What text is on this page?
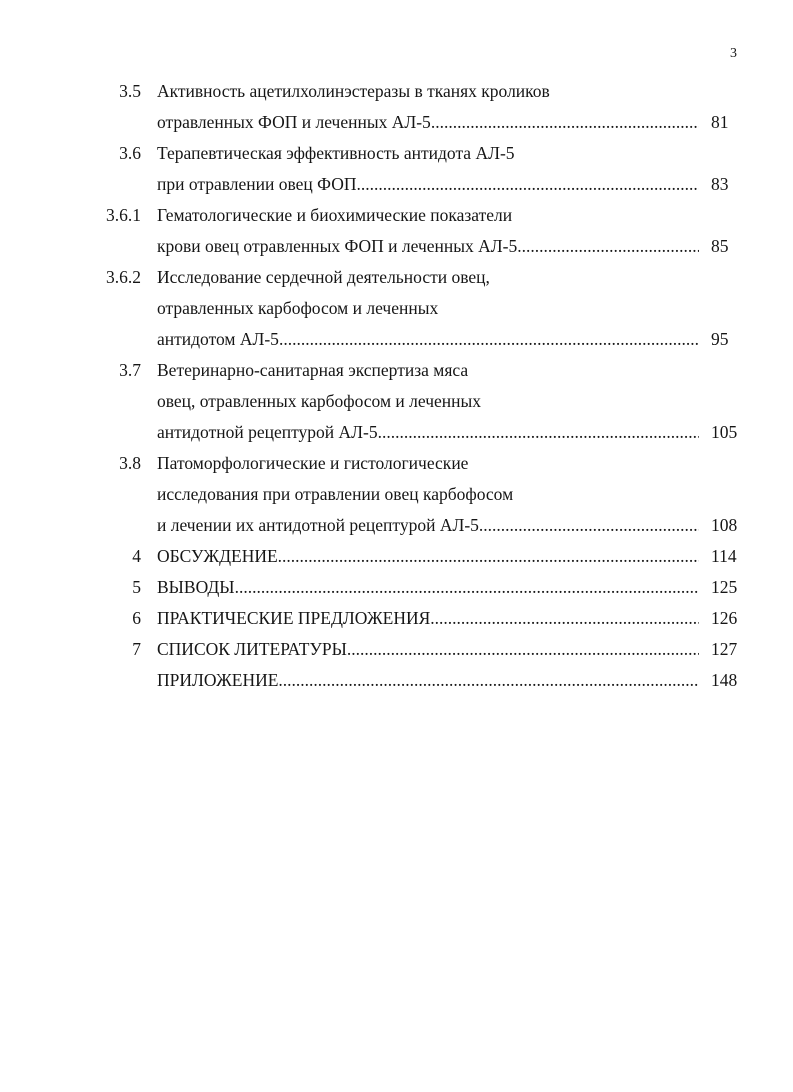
3
3.5 Активность ацетилхолинэстеразы в тканях кроликов
отравленных ФОП и леченных АЛ-5 .....	81
3.6 Терапевтическая эффективность антидота АЛ-5
при отравлении овец ФОП .....	83
3.6.1 Гематологические и биохимические показатели
крови овец отравленных ФОП и леченных АЛ-5 .....	85
3.6.2 Исследование сердечной деятельности овец,
отравленных карбофосом и леченных
антидотом АЛ-5 .....	95
3.7 Ветеринарно-санитарная экспертиза мяса
овец, отравленных карбофосом и леченных
антидотной рецептурой АЛ-5 .....	105
3.8 Патоморфологические и гистологические
исследования при отравлении овец карбофосом
и лечении их антидотной рецептурой АЛ-5 .....	108
4 ОБСУЖДЕНИЕ .....	114
5 ВЫВОДЫ .....	125
6 ПРАКТИЧЕСКИЕ ПРЕДЛОЖЕНИЯ .....	126
7 СПИСОК ЛИТЕРАТУРЫ .....	127
ПРИЛОЖЕНИЕ .....	148
